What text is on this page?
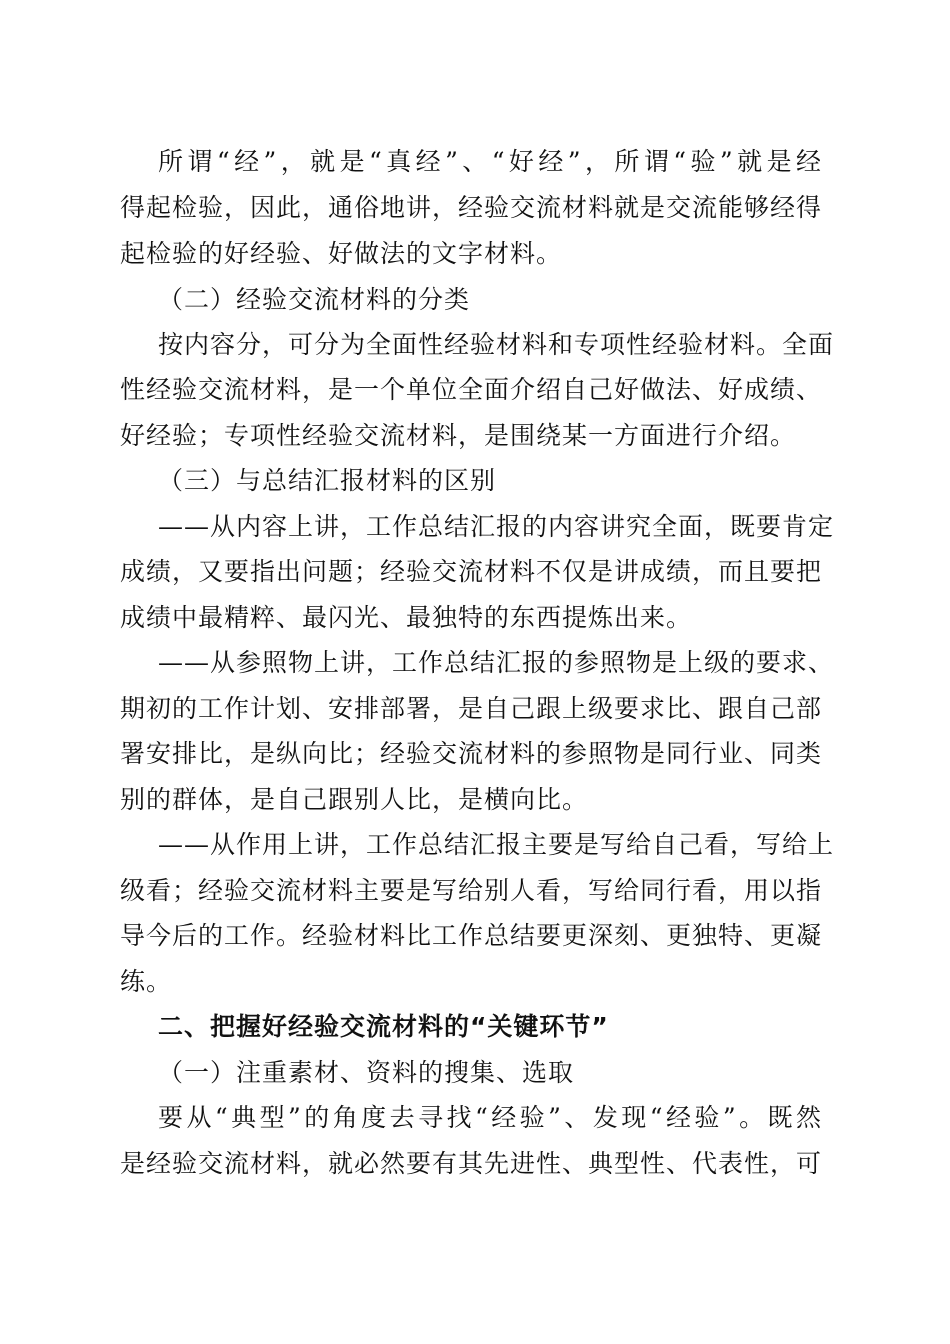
所谓“经”，就是“真经”、“好经”，所谓“验”就是经
得起检验，因此，通俗地讲，经验交流材料就是交流能够经得
起检验的好经验、好做法的文字材料。
（二）经验交流材料的分类
按内容分，可分为全面性经验材料和专项性经验材料。全面
性经验交流材料，是一个单位全面介绍自己好做法、好成绩、
好经验；专项性经验交流材料，是围绕某一方面进行介绍。
（三）与总结汇报材料的区别
——从内容上讲，工作总结汇报的内容讲究全面，既要肯定
成绩，又要指出问题；经验交流材料不仅是讲成绩，而且要把
成绩中最精粹、最闪光、最独特的东西提炼出来。
——从参照物上讲，工作总结汇报的参照物是上级的要求、
期初的工作计划、安排部署，是自己跟上级要求比、跟自己部
署安排比，是纵向比；经验交流材料的参照物是同行业、同类
别的群体，是自己跟别人比，是横向比。
——从作用上讲，工作总结汇报主要是写给自己看，写给上
级看；经验交流材料主要是写给别人看，写给同行看，用以指
导今后的工作。经验材料比工作总结要更深刻、更独特、更凝
练。
二、把握好经验交流材料的“关键环节”
（一）注重素材、资料的搜集、选取
要从“典型”的角度去寻找“经验”、发现“经验”。既然
是经验交流材料，就必然要有其先进性、典型性、代表性，可
